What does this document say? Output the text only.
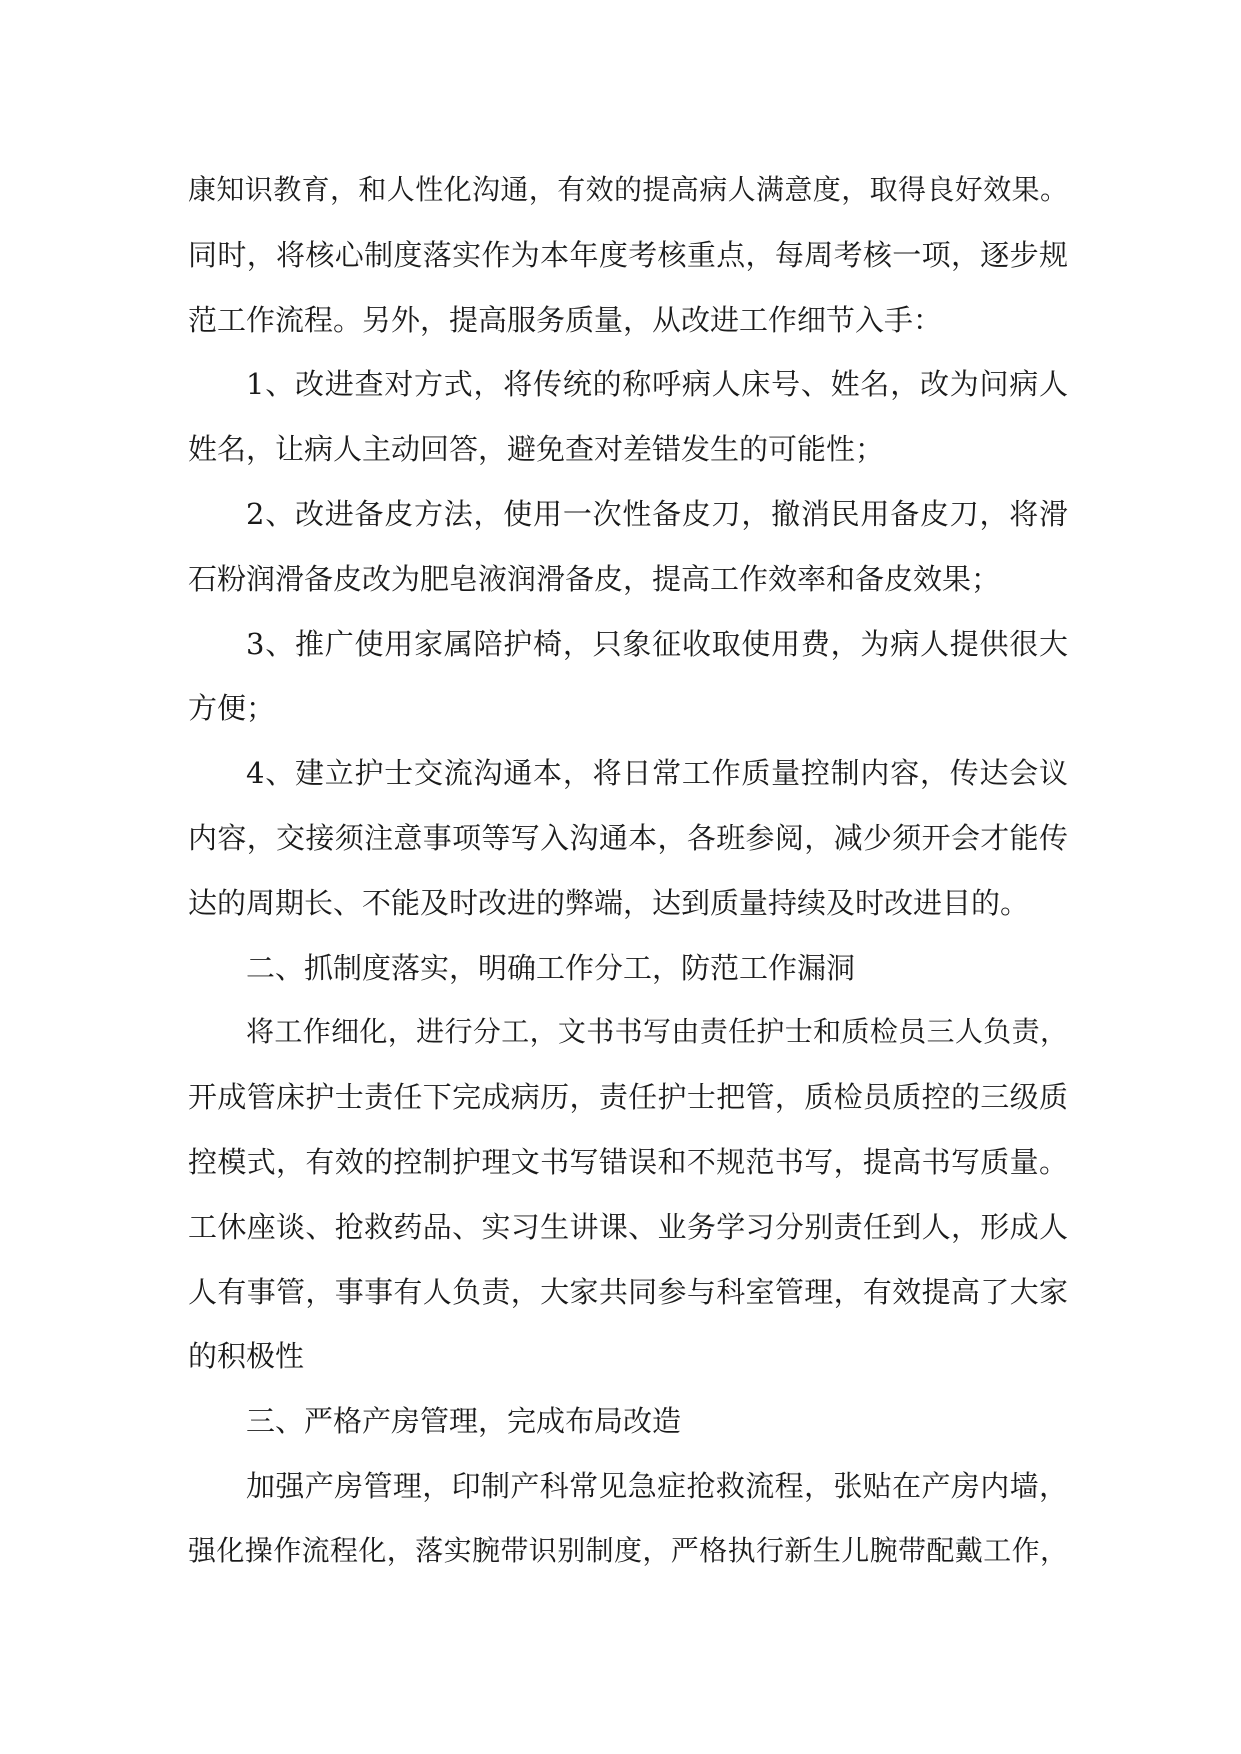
康知识教育，和人性化沟通，有效的提高病人满意度，取得良好效果。
同时，将核心制度落实作为本年度考核重点，每周考核一项，逐步规
范工作流程。另外，提高服务质量，从改进工作细节入手：
1、改进查对方式，将传统的称呼病人床号、姓名，改为问病人
姓名，让病人主动回答，避免查对差错发生的可能性；
2、改进备皮方法，使用一次性备皮刀，撤消民用备皮刀，将滑
石粉润滑备皮改为肥皂液润滑备皮，提高工作效率和备皮效果；
3、推广使用家属陪护椅，只象征收取使用费，为病人提供很大
方便；
4、建立护士交流沟通本，将日常工作质量控制内容，传达会议
内容，交接须注意事项等写入沟通本，各班参阅，减少须开会才能传
达的周期长、不能及时改进的弊端，达到质量持续及时改进目的。
二、抓制度落实，明确工作分工，防范工作漏洞
将工作细化，进行分工，文书书写由责任护士和质检员三人负责，
开成管床护士责任下完成病历，责任护士把管，质检员质控的三级质
控模式，有效的控制护理文书写错误和不规范书写，提高书写质量。
工休座谈、抢救药品、实习生讲课、业务学习分别责任到人，形成人
人有事管，事事有人负责，大家共同参与科室管理，有效提高了大家
的积极性
三、严格产房管理，完成布局改造
加强产房管理，印制产科常见急症抢救流程，张贴在产房内墙，
强化操作流程化，落实腕带识别制度，严格执行新生儿腕带配戴工作，
